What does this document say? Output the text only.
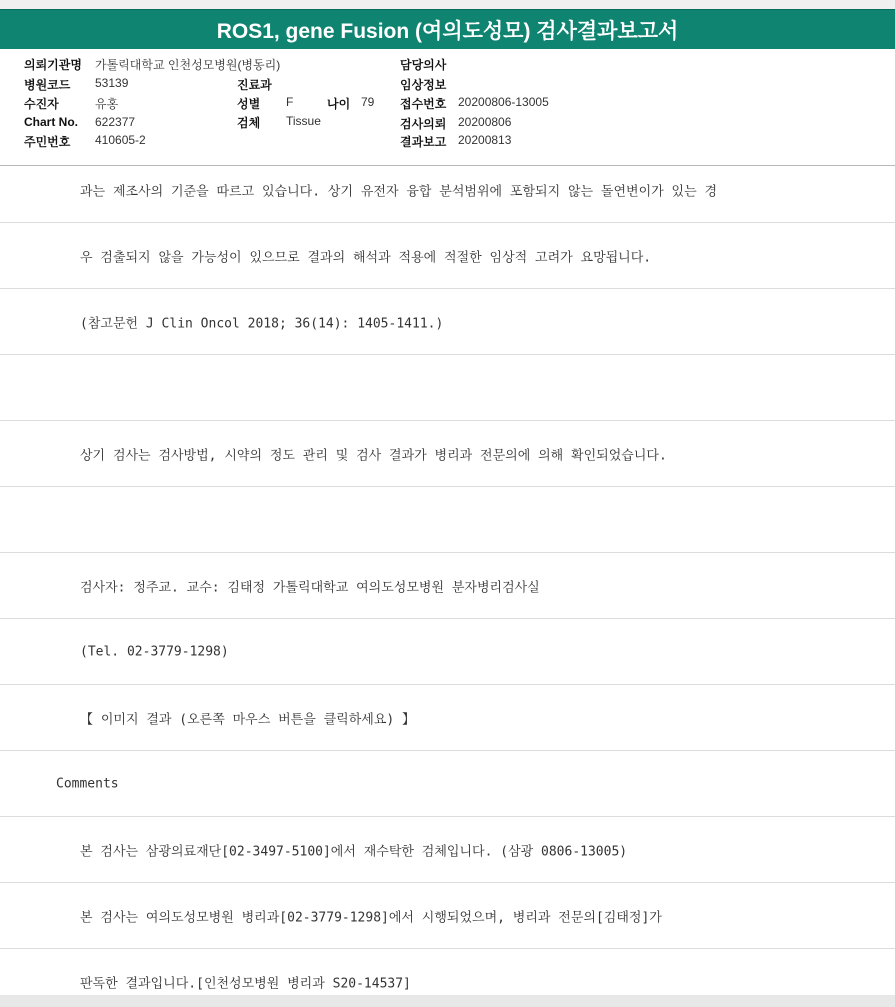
ROS1, gene Fusion (여의도성모) 검사결과보고서
의뢰기관명 가톨릭대학교 인천성모병원(병동리)
병원코드 53139
수진자	유홍
Chart No. 622377
주민번호 410605-2
진료과
성별 F	나이 79
검체 Tissue
담당의사
임상정보
접수번호 20200806-13005
검사의뢰 20200806
결과보고 20200813
과는 제조사의 기준을 따르고 있습니다. 상기 유전자 융합 분석범위에 포함되지 않는 돌연변이가 있는 경
우 검출되지 않을 가능성이 있으므로 결과의 해석과 적용에 적절한 임상적 고려가 요망됩니다.
(참고문헌 J Clin Oncol 2018; 36(14): 1405-1411.)
상기 검사는 검사방법, 시약의 정도 관리 및 검사 결과가 병리과 전문의에 의해 확인되었습니다.
검사자: 정주교. 교수: 김태정 가톨릭대학교 여의도성모병원 분자병리검사실
(Tel. 02-3779-1298)
【 이미지 결과 (오른쪽 마우스 버튼을 클릭하세요) 】
Comments
본 검사는 삼광의료재단[02-3497-5100]에서 재수탁한 검체입니다. (삼광 0806-13005)
본 검사는 여의도성모병원 병리과[02-3779-1298]에서 시행되었으며, 병리과 전문의[김태정]가
판독한 결과입니다.[인천성모병원 병리과 S20-14537]
